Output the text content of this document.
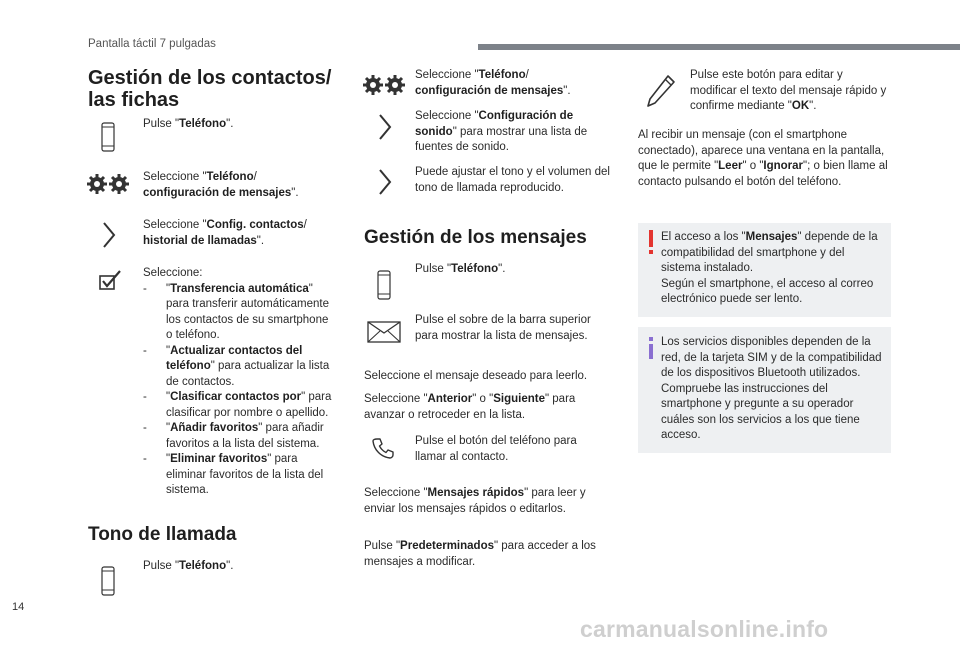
Pantalla táctil 7 pulgadas
Gestión de los contactos/
las fichas
Pulse "Teléfono".
Seleccione "Teléfono/
configuración de mensajes".
Seleccione "Config. contactos/
historial de llamadas".
Seleccione:
- "Transferencia automática" para transferir automáticamente los contactos de su smartphone o teléfono.
- "Actualizar contactos del teléfono" para actualizar la lista de contactos.
- "Clasificar contactos por" para clasificar por nombre o apellido.
- "Añadir favoritos" para añadir favoritos a la lista del sistema.
- "Eliminar favoritos" para eliminar favoritos de la lista del sistema.
Tono de llamada
Pulse "Teléfono".
Seleccione "Teléfono/
configuración de mensajes".
Seleccione "Configuración de sonido" para mostrar una lista de fuentes de sonido.
Puede ajustar el tono y el volumen del tono de llamada reproducido.
Gestión de los mensajes
Pulse "Teléfono".
Pulse el sobre de la barra superior para mostrar la lista de mensajes.
Seleccione el mensaje deseado para leerlo.
Seleccione "Anterior" o "Siguiente" para avanzar o retroceder en la lista.
Pulse el botón del teléfono para llamar al contacto.
Seleccione "Mensajes rápidos" para leer y enviar los mensajes rápidos o editarlos.
Pulse "Predeterminados" para acceder a los mensajes a modificar.
Pulse este botón para editar y modificar el texto del mensaje rápido y confirme mediante "OK".
Al recibir un mensaje (con el smartphone conectado), aparece una ventana en la pantalla, que le permite "Leer" o "Ignorar"; o bien llame al contacto pulsando el botón del teléfono.
El acceso a los "Mensajes" depende de la compatibilidad del smartphone y del sistema instalado.
Según el smartphone, el acceso al correo electrónico puede ser lento.
Los servicios disponibles dependen de la red, de la tarjeta SIM y de la compatibilidad de los dispositivos Bluetooth utilizados. Compruebe las instrucciones del smartphone y pregunte a su operador cuáles son los servicios a los que tiene acceso.
14
carmanualsonline.info
